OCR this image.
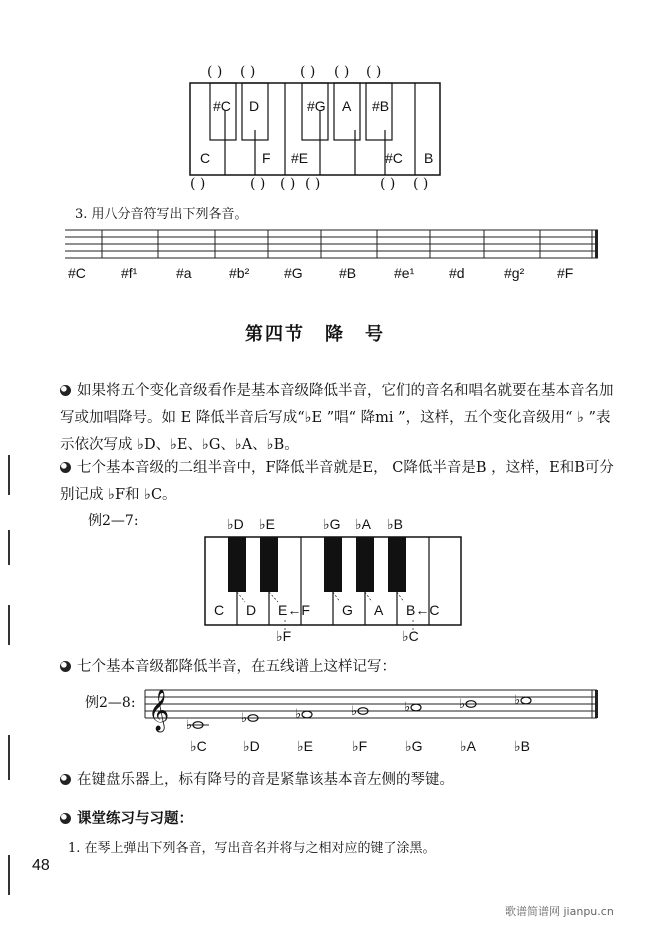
( ) ( )	( ) ( ) ( )
#C D	#G A #B
C	F #E	#C B
( )	( ) ( ) ( )	( ) ( )
3. 用八分音符写出下列各音。
#C	#f¹	#a	#b² #G	#B	#e¹ #d	#g² #F
第四节　降　号
如果将五个变化音级看作是基本音级降低半音，它们的音名和唱名就要在基本音名加写或加唱降号。如 E 降低半音后写成“♭E ”唱“ 降mi ”，这样，五个变化音级用“ ♭ ”表示依次写成 ♭D、♭E、♭G、♭A、♭B。
七个基本音级的二组半音中，F降低半音就是E， C降低半音是B ，这样，E和B可分别记成 ♭F和 ♭C。
例2—7:	♭D ♭E	♭G ♭A ♭B
C D E←F G A B←C
♭F	♭C
七个基本音级都降低半音，在五线谱上这样记写：
例2—8: 𝄞 ♭	♭	♭	♭	♭	♭	♭
♭C	♭D	♭E	♭F	♭G	♭A	♭B
在键盘乐器上，标有降号的音是紧靠该基本音左侧的琴键。
课堂练习与习题：
1. 在琴上弹出下列各音，写出音名并将与之相对应的键了涂黑。
48
歌谱简谱网 jianpu.cn
